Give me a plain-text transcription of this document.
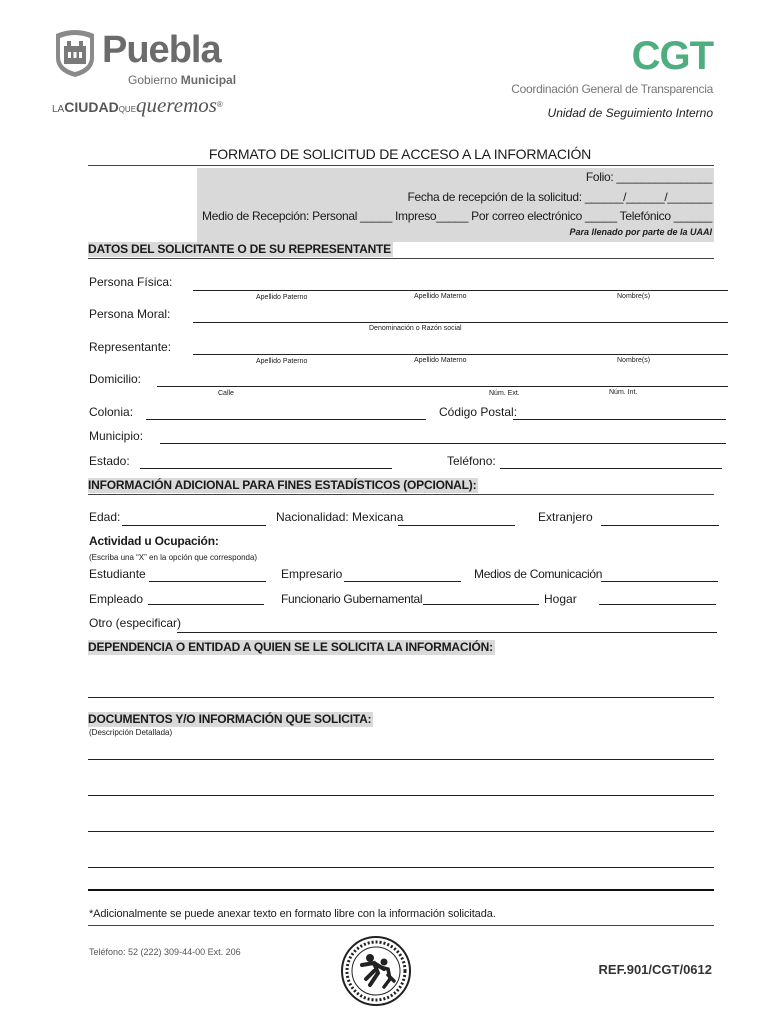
Puebla
Gobierno Municipal
LACIUDADQUEqueremos®
CGT
Coordinación General de Transparencia
Unidad de Seguimiento Interno
FORMATO DE SOLICITUD DE ACCESO A LA INFORMACIÓN
Folio: _______________
Fecha de recepción de la solicitud: ______/______/_______
Medio de Recepción: Personal _____ Impreso_____ Por correo electrónico _____ Telefónico ______
Para llenado por parte de la UAAI
DATOS DEL SOLICITANTE O DE SU REPRESENTANTE
Persona Física:
Apellido Paterno	Apellido Materno	Nombre(s)
Persona Moral:
Denominación o Razón social
Representante:
Apellido Paterno	Apellido Materno	Nombre(s)
Domicilio:
Calle	Núm. Ext.	Núm. Int.
Colonia:	Código Postal:
Municipio:
Estado:	Teléfono:
INFORMACIÓN ADICIONAL PARA FINES ESTADÍSTICOS (OPCIONAL):
Edad:	Nacionalidad: Mexicana	Extranjero
Actividad u Ocupación:
(Escriba una “X” en la opción que corresponda)
Estudiante	Empresario	Medios de Comunicación
Empleado	Funcionario Gubernamental	Hogar
Otro (especificar)
DEPENDENCIA O ENTIDAD A QUIEN SE LE SOLICITA LA INFORMACIÓN:
DOCUMENTOS Y/O INFORMACIÓN QUE SOLICITA:
(Descripción Detallada)
*Adicionalmente se puede anexar texto en formato libre con la información solicitada.
Teléfono: 52 (222) 309-44-00 Ext. 206
REF.901/CGT/0612
